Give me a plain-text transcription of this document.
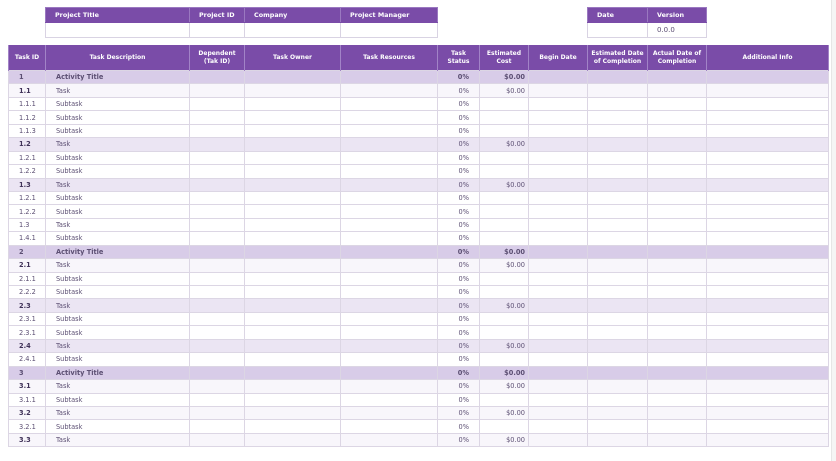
Project Title	Project ID	Company	Project Manager
				Date	Version
	0.0.0
Task ID	Task Description	Dependent (Tak ID)	Task Owner	Task Resources	Task Status	Estimated Cost	Begin Date	Estimated Date of Completion	Actual Date of Completion	Additional Info
1	Activity Title				0%	$0.00				
1.1	Task				0%	$0.00				
1.1.1	Subtask				0%					
1.1.2	Subtask				0%					
1.1.3	Subtask				0%					
1.2	Task				0%	$0.00				
1.2.1	Subtask				0%					
1.2.2	Subtask				0%					
1.3	Task				0%	$0.00				
1.2.1	Subtask				0%					
1.2.2	Subtask				0%					
1.3	Task				0%					
1.4.1	Subtask				0%					
2	Activity Title				0%	$0.00				
2.1	Task				0%	$0.00				
2.1.1	Subtask				0%					
2.2.2	Subtask				0%					
2.3	Task				0%	$0.00				
2.3.1	Subtask				0%					
2.3.1	Subtask				0%					
2.4	Task				0%	$0.00				
2.4.1	Subtask				0%					
3	Activity Title				0%	$0.00				
3.1	Task				0%	$0.00				
3.1.1	Subtask				0%					
3.2	Task				0%	$0.00				
3.2.1	Subtask				0%					
3.3	Task				0%	$0.00				
